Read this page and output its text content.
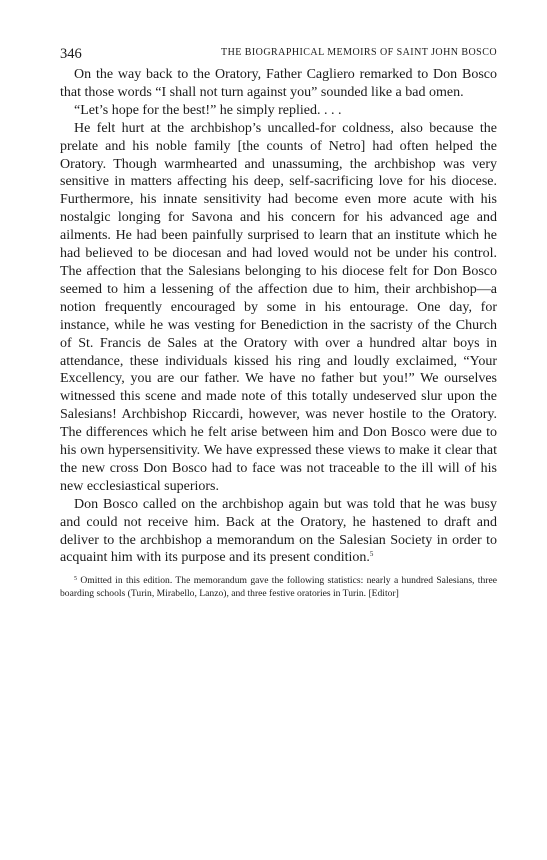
346	THE BIOGRAPHICAL MEMOIRS OF SAINT JOHN BOSCO

On the way back to the Oratory, Father Cagliero remarked to Don Bosco that those words “I shall not turn against you” sounded like a bad omen.

“Let’s hope for the best!” he simply replied. . . .

He felt hurt at the archbishop’s uncalled-for coldness, also because the prelate and his noble family [the counts of Netro] had often helped the Oratory. Though warmhearted and unassuming, the archbishop was very sensitive in matters affecting his deep, self-sacrificing love for his diocese. Furthermore, his innate sensitivity had become even more acute with his nostalgic longing for Savona and his concern for his advanced age and ailments. He had been painfully surprised to learn that an institute which he had believed to be diocesan and had loved would not be under his control. The affection that the Salesians belonging to his diocese felt for Don Bosco seemed to him a lessening of the affection due to him, their archbishop—a notion frequently encouraged by some in his entourage. One day, for instance, while he was vesting for Benediction in the sacristy of the Church of St. Francis de Sales at the Oratory with over a hundred altar boys in attendance, these individuals kissed his ring and loudly exclaimed, “Your Excellency, you are our father. We have no father but you!” We ourselves witnessed this scene and made note of this totally undeserved slur upon the Salesians! Archbishop Riccardi, however, was never hostile to the Oratory. The differences which he felt arise between him and Don Bosco were due to his own hypersensitivity. We have expressed these views to make it clear that the new cross Don Bosco had to face was not traceable to the ill will of his new ecclesiastical superiors.

Don Bosco called on the archbishop again but was told that he was busy and could not receive him. Back at the Oratory, he hastened to draft and deliver to the archbishop a memorandum on the Salesian Society in order to acquaint him with its purpose and its present condition.$^5$

$^5$ Omitted in this edition. The memorandum gave the following statistics: nearly a hundred Salesians, three boarding schools (Turin, Mirabello, Lanzo), and three festive oratories in Turin. [Editor]
